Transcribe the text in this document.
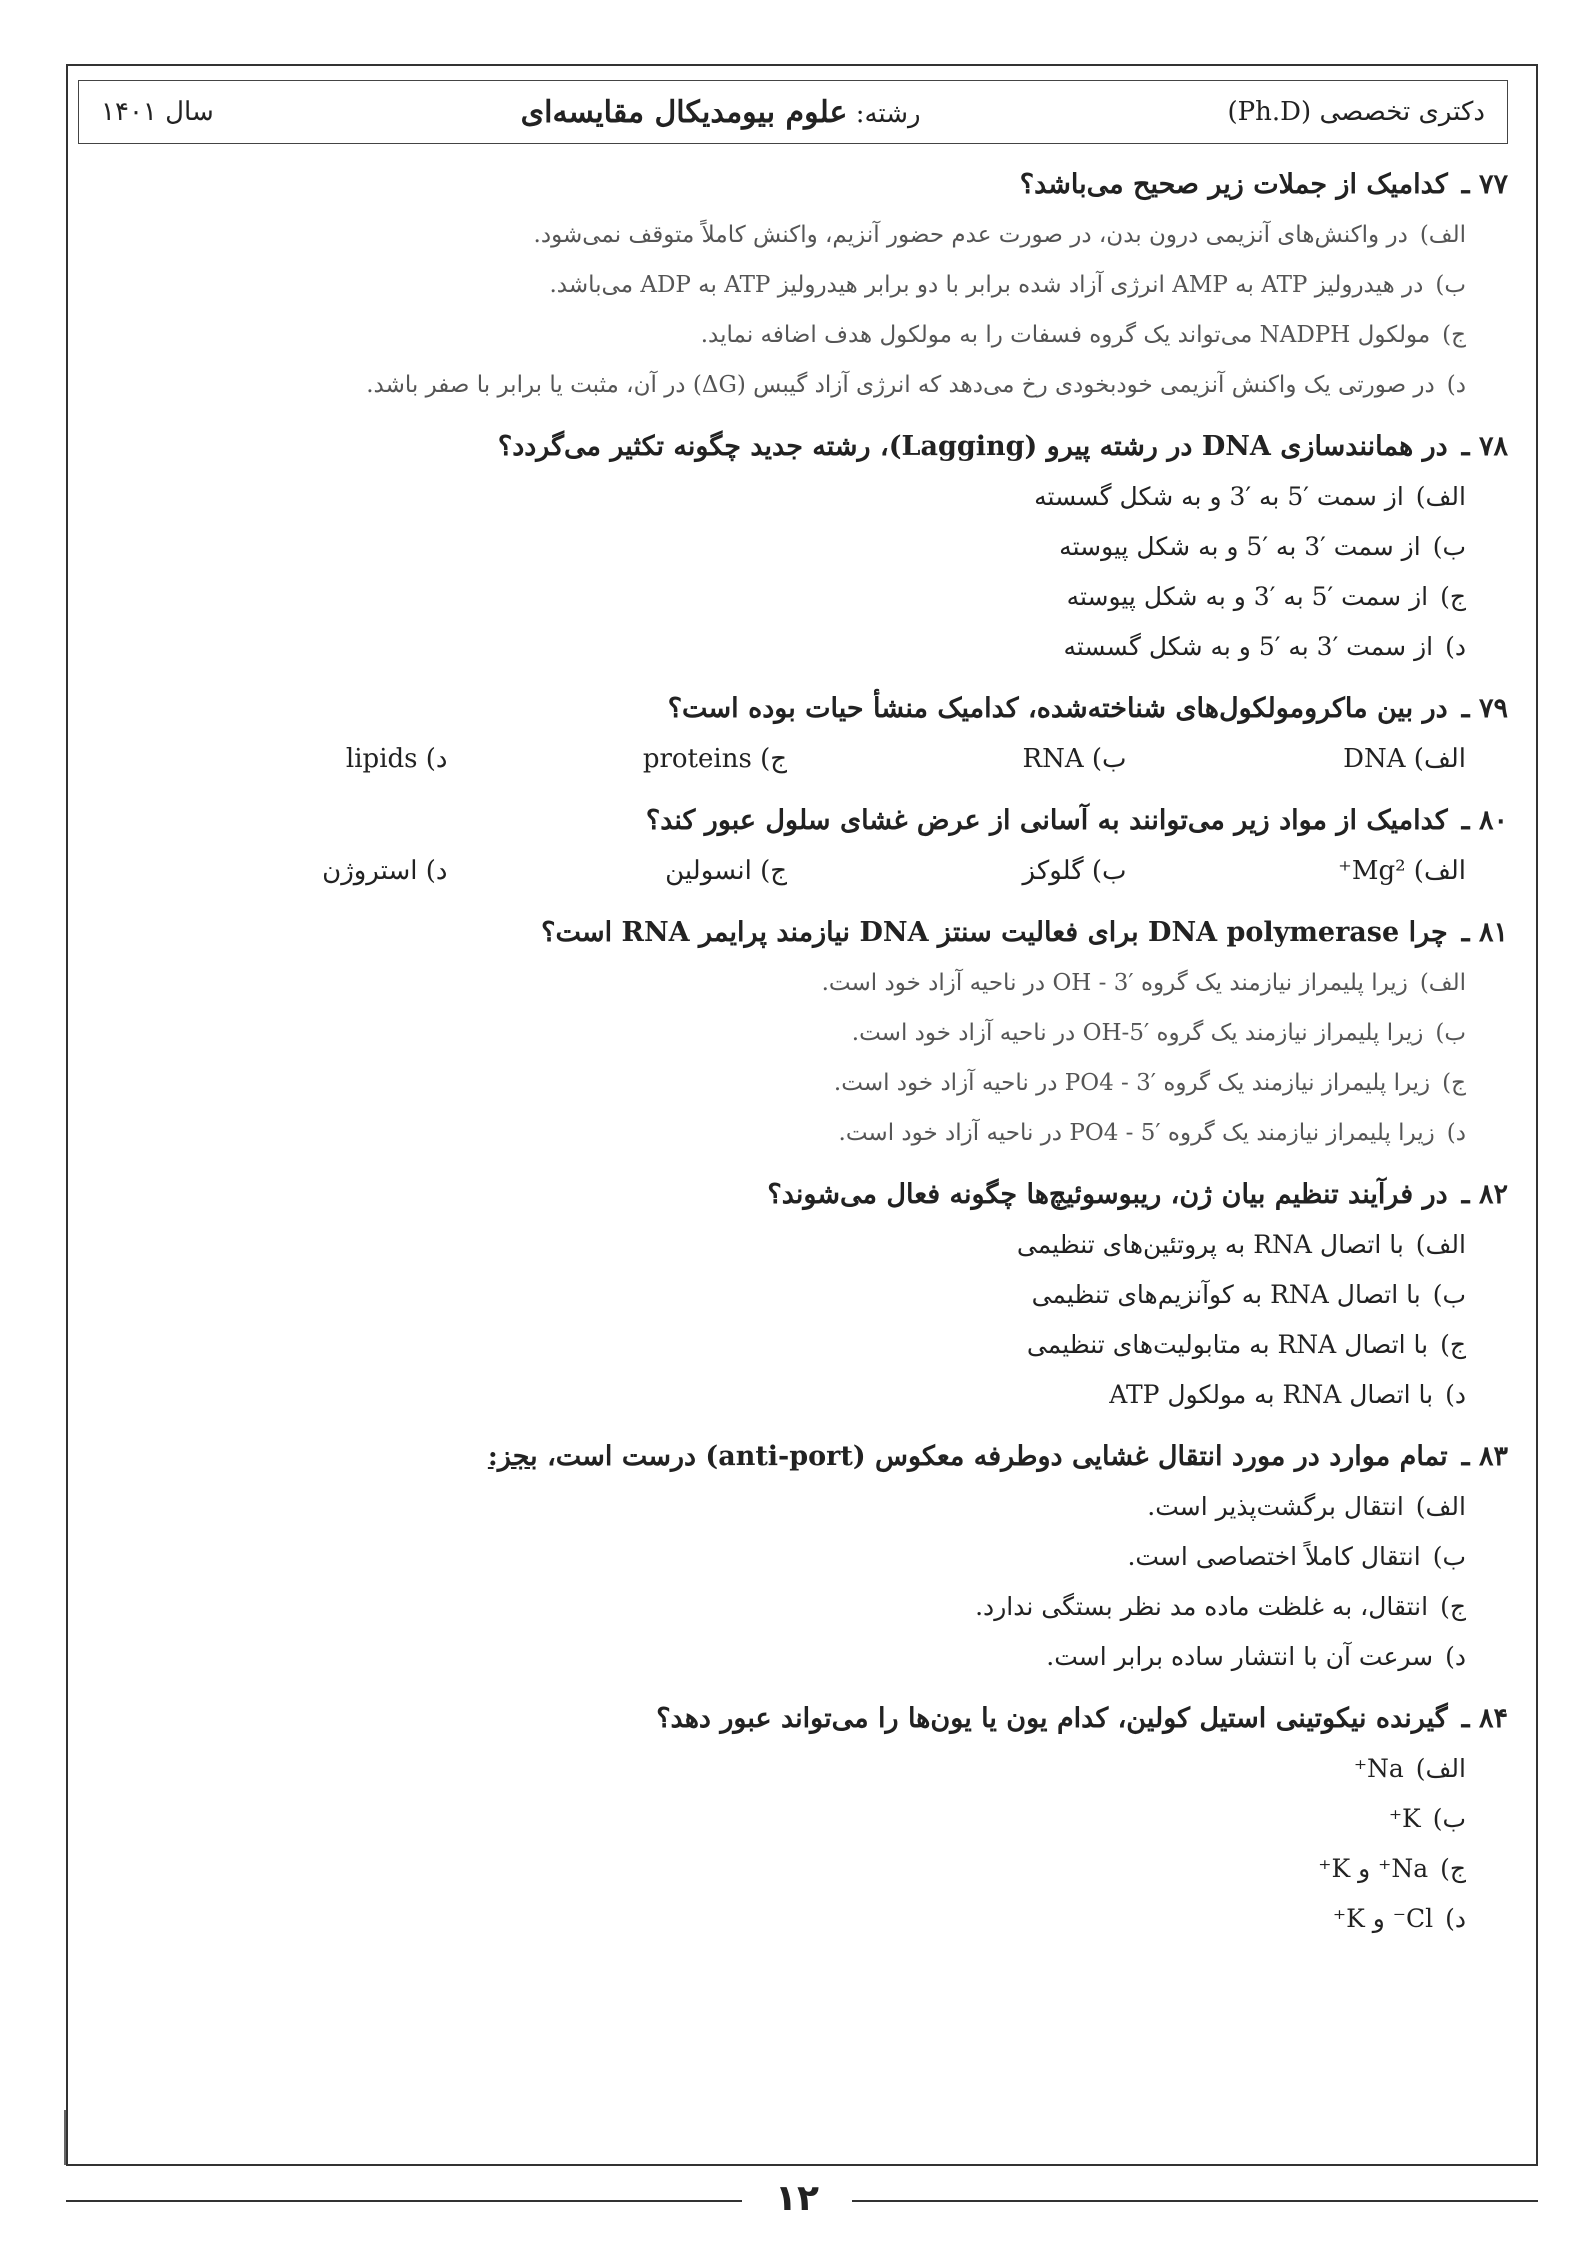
دکتری تخصصی (Ph.D)
رشته: علوم بیومدیکال مقایسه‌ای
سال ۱۴۰۱
۷۷ ـکدامیک از جملات زیر صحیح می‌باشد؟
الف)در واکنش‌های آنزیمی درون بدن، در صورت عدم حضور آنزیم، واکنش کاملاً متوقف نمی‌شود.
ب)در هیدرولیز ATP به AMP انرژی آزاد شده برابر با دو برابر هیدرولیز ATP به ADP می‌باشد.
ج)مولکول NADPH می‌تواند یک گروه فسفات را به مولکول هدف اضافه نماید.
د)در صورتی یک واکنش آنزیمی خودبخودی رخ می‌دهد که انرژی آزاد گیبس (ΔG) در آن، مثبت یا برابر با صفر باشد.
۷۸ ـدر همانندسازی DNA در رشته پیرو (Lagging)، رشته جدید چگونه تکثیر می‌گردد؟
الف)از سمت ′5 به ′3 و به شکل گسسته
ب)از سمت ′3 به ′5 و به شکل پیوسته
ج)از سمت ′5 به ′3 و به شکل پیوسته
د)از سمت ′3 به ′5 و به شکل گسسته
۷۹ ـدر بین ماکرومولکول‌های شناخته‌شده، کدامیک منشأ حیات بوده است؟
الف) DNA
ب) RNA
ج) proteins
د) lipids
۸۰ ـکدامیک از مواد زیر می‌توانند به آسانی از عرض غشای سلول عبور کند؟
الف) Mg²⁺
ب) گلوکز
ج) انسولین
د) استروژن
۸۱ ـچرا DNA polymerase برای فعالیت سنتز DNA نیازمند پرایمر RNA است؟
الف)زیرا پلیمراز نیازمند یک گروه ′3 - OH در ناحیه آزاد خود است.
ب)زیرا پلیمراز نیازمند یک گروه ′5-OH در ناحیه آزاد خود است.
ج)زیرا پلیمراز نیازمند یک گروه ′3 - PO4 در ناحیه آزاد خود است.
د)زیرا پلیمراز نیازمند یک گروه ′5 - PO4 در ناحیه آزاد خود است.
۸۲ ـدر فرآیند تنظیم بیان ژن، ریبوسوئیچ‌ها چگونه فعال می‌شوند؟
الف)با اتصال RNA به پروتئین‌های تنظیمی
ب)با اتصال RNA به کوآنزیم‌های تنظیمی
ج)با اتصال RNA به متابولیت‌های تنظیمی
د)با اتصال RNA به مولکول ATP
۸۳ ـتمام موارد در مورد انتقال غشایی دوطرفه معکوس (anti-port) درست است، بجز:
الف)انتقال برگشت‌پذیر است.
ب)انتقال کاملاً اختصاصی است.
ج)انتقال، به غلظت ماده مد نظر بستگی ندارد.
د)سرعت آن با انتشار ساده برابر است.
۸۴ ـگیرنده نیکوتینی استیل کولین، کدام یون یا یون‌ها را می‌تواند عبور دهد؟
الف)Na⁺
ب)K⁺
ج)Na⁺ و K⁺
د)Cl⁻ و K⁺
۱۲
